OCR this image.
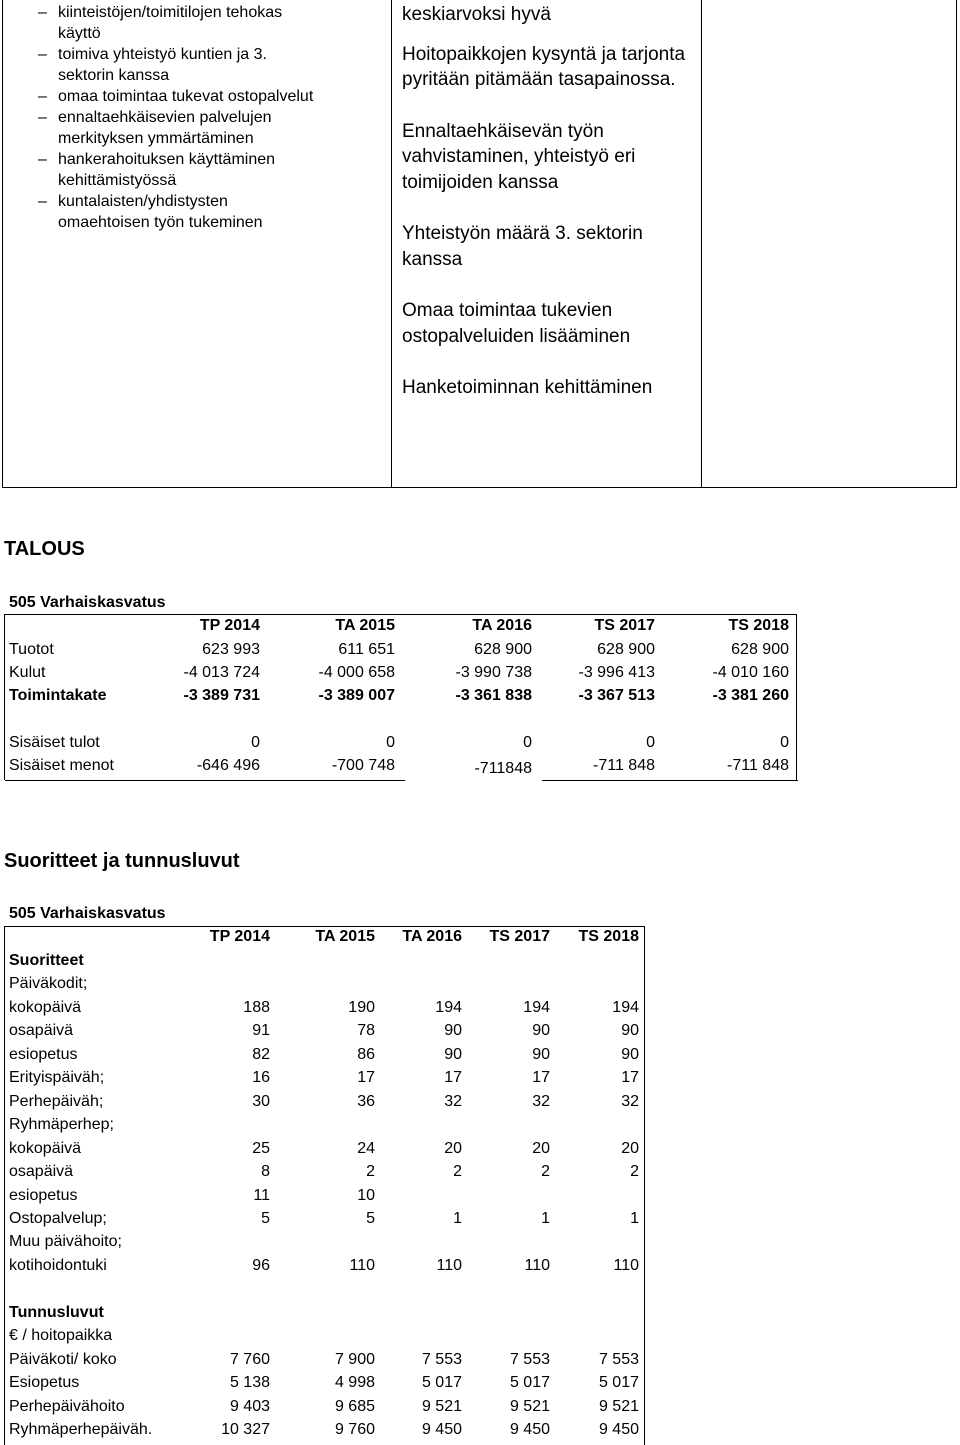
– kiinteistöjen/toimitilojen tehokas
käyttö
– toimiva yhteistyö kuntien ja 3.
sektorin kanssa
– omaa toimintaa tukevat ostopalvelut
– ennaltaehkäisevien palvelujen
merkityksen ymmärtäminen
– hankerahoituksen käyttäminen
kehittämistyössä
– kuntalaisten/yhdistysten
omaehtoisen työn tukeminen

keskiarvoksi hyvä

Hoitopaikkojen kysyntä ja tarjonta pyritään pitämään tasapainossa.

Ennaltaehkäisevän työn vahvistaminen, yhteistyö eri toimijoiden kanssa

Yhteistyön määrä 3. sektorin kanssa

Omaa toimintaa tukevien ostopalveluiden lisääminen

Hanketoiminnan kehittäminen

TALOUS
505 Varhaiskasvatus
TP 2014	TA 2015	TA 2016	TS 2017	TS 2018
Tuotot	623 993	611 651	628 900	628 900	628 900
Kulut	-4 013 724	-4 000 658	-3 990 738	-3 996 413	-4 010 160
Toimintakate	-3 389 731	-3 389 007	-3 361 838	-3 367 513	-3 381 260
Sisäiset tulot	0	0	0	0	0
Sisäiset menot	-646 496	-700 748	-711848	-711 848	-711 848
Suoritteet ja tunnusluvut
505 Varhaiskasvatus
TP 2014	TA 2015	TA 2016	TS 2017	TS 2018
Suoritteet
Päiväkodit;
kokopäivä	188	190	194	194	194
osapäivä	91	78	90	90	90
esiopetus	82	86	90	90	90
Erityispäiväh;	16	17	17	17	17
Perhepäiväh;	30	36	32	32	32
Ryhmäperhep;
kokopäivä	25	24	20	20	20
osapäivä	8	2	2	2	2
esiopetus	11	10
Ostopalvelup;	5	5	1	1	1
Muu päivähoito;
kotihoidontuki	96	110	110	110	110
Tunnusluvut
€ / hoitopaikka
Päiväkoti/ koko	7 760	7 900	7 553	7 553	7 553
Esiopetus	5 138	4 998	5 017	5 017	5 017
Perhepäivähoito	9 403	9 685	9 521	9 521	9 521
Ryhmäperhepäiväh.	10 327	9 760	9 450	9 450	9 450
